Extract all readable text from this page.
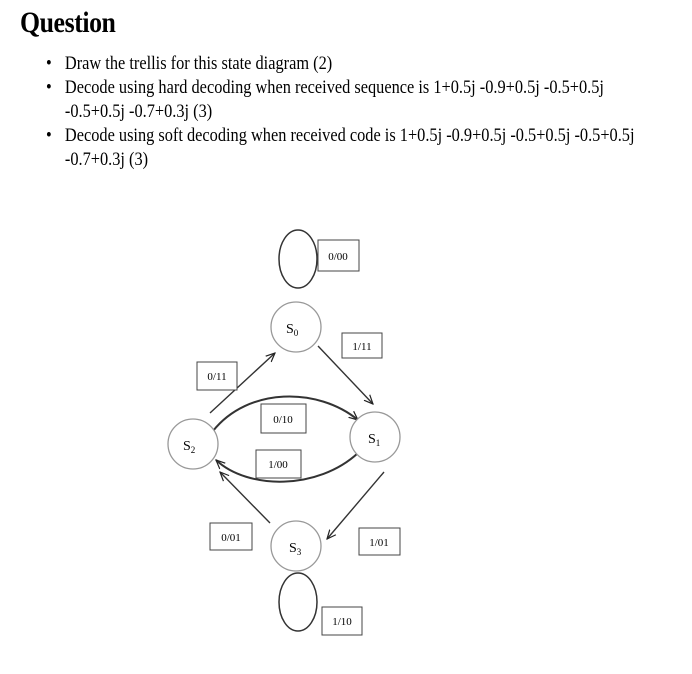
Question
• Draw the trellis for this state diagram (2)
• Decode using hard decoding when received sequence is 1+0.5j -0.9+0.5j -0.5+0.5j
-0.5+0.5j -0.7+0.3j (3)
• Decode using soft decoding when received code is 1+0.5j -0.9+0.5j -0.5+0.5j -0.5+0.5j
-0.7+0.3j (3)
$S_0$
$S_1$
$S_2$
$S_3$
0/00
1/11
0/11
0/10
1/00
0/01	1/01
1/10
